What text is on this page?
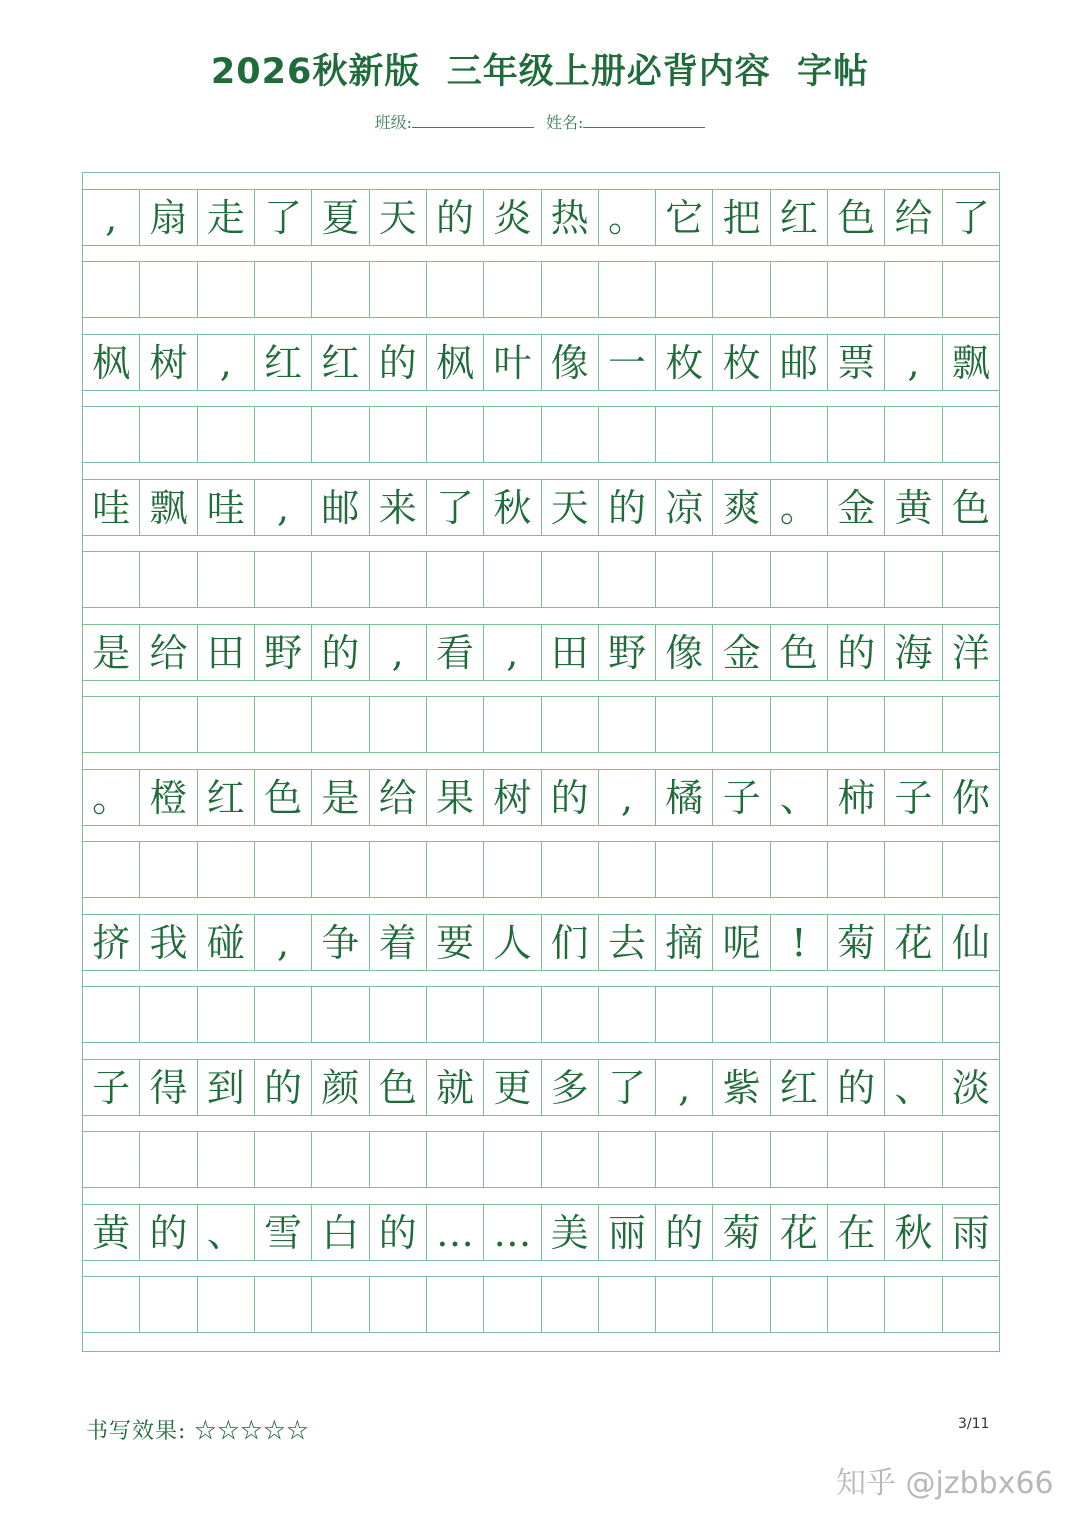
2026秋新版  三年级上册必背内容  字帖
班级:	姓名:
, 扇 走 了 夏 天 的 炎 热 。 它 把 红 色 给 了
枫 树 , 红 红 的 枫 叶 像 一 枚 枚 邮 票 , 飘
哇 飘 哇 , 邮 来 了 秋 天 的 凉 爽 。 金 黄 色
是 给 田 野 的 , 看 , 田 野 像 金 色 的 海 洋
。 橙 红 色 是 给 果 树 的 , 橘 子 、 柿 子 你
挤 我 碰 , 争 着 要 人 们 去 摘 呢 ! 菊 花 仙
子 得 到 的 颜 色 就 更 多 了 , 紫 红 的 、 淡
黄 的 、 雪 白 的 … … 美 丽 的 菊 花 在 秋 雨
书写效果: ☆☆☆☆☆	3/11
知乎 @jzbbx66
